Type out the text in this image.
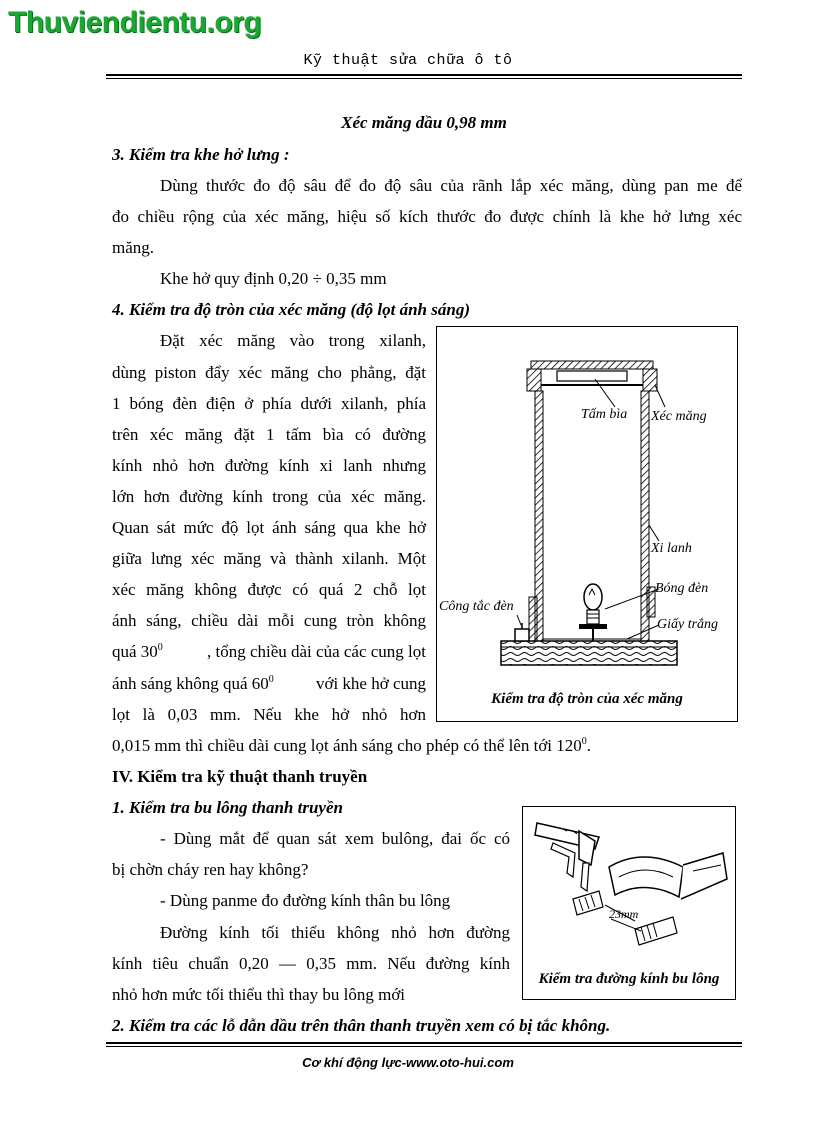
Thuviendientu.org
Kỹ thuật sửa chữa ô tô
Xéc măng dầu 0,98 mm
3. Kiểm tra khe hở lưng :
Dùng thước đo độ sâu để đo độ sâu của rãnh lắp xéc măng, dùng pan me để
đo chiều rộng của xéc măng, hiệu số kích thước đo được chính là khe hở lưng xéc
măng.
Khe hở quy định 0,20 ÷ 0,35 mm
4. Kiểm tra độ tròn của xéc măng (độ lọt ánh sáng)
Đặt xéc măng vào trong xilanh,
dùng piston đẩy xéc măng cho phẳng, đặt
1 bóng đèn điện ở phía dưới xilanh, phía
trên xéc măng đặt 1 tấm bìa có đường
kính nhỏ hơn đường kính xi lanh nhưng
lớn hơn đường kính trong của xéc măng.
Quan sát mức độ lọt ánh sáng qua khe hở
giữa lưng xéc măng và thành xilanh. Một
xéc măng không được có quá 2 chỗ lọt
ánh sáng, chiều dài mỗi cung tròn không
quá $30^0$	, tổng chiều dài của các cung lọt
ánh sáng không quá $60^0$ với khe hở cung
lọt là 0,03 mm. Nếu khe hở nhỏ hơn
0,015 mm thì chiều dài cung lọt ánh sáng cho phép có thể lên tới $120^0$.
IV. Kiểm tra kỹ thuật thanh truyền
1. Kiểm tra bu lông thanh truyền
- Dùng mắt để quan sát xem bulông, đai ốc có
bị chờn cháy ren hay không?
- Dùng panme đo đường kính thân bu lông
Đường kính tối thiểu không nhỏ hơn đường
kính tiêu chuẩn 0,20 — 0,35 mm. Nếu đường kính
nhỏ hơn mức tối thiểu thì thay bu lông mới
2. Kiểm tra các lỗ dẫn dầu trên thân thanh truyền xem có bị tắc không.
Tấm bìa Xéc măng
Xi lanh
Bóng đèn
Công tắc đèn
Giấy trắng
Kiểm tra độ tròn của xéc măng
23mm
Kiểm tra đường kính bu lông
Cơ khí động lực-www.oto-hui.com
